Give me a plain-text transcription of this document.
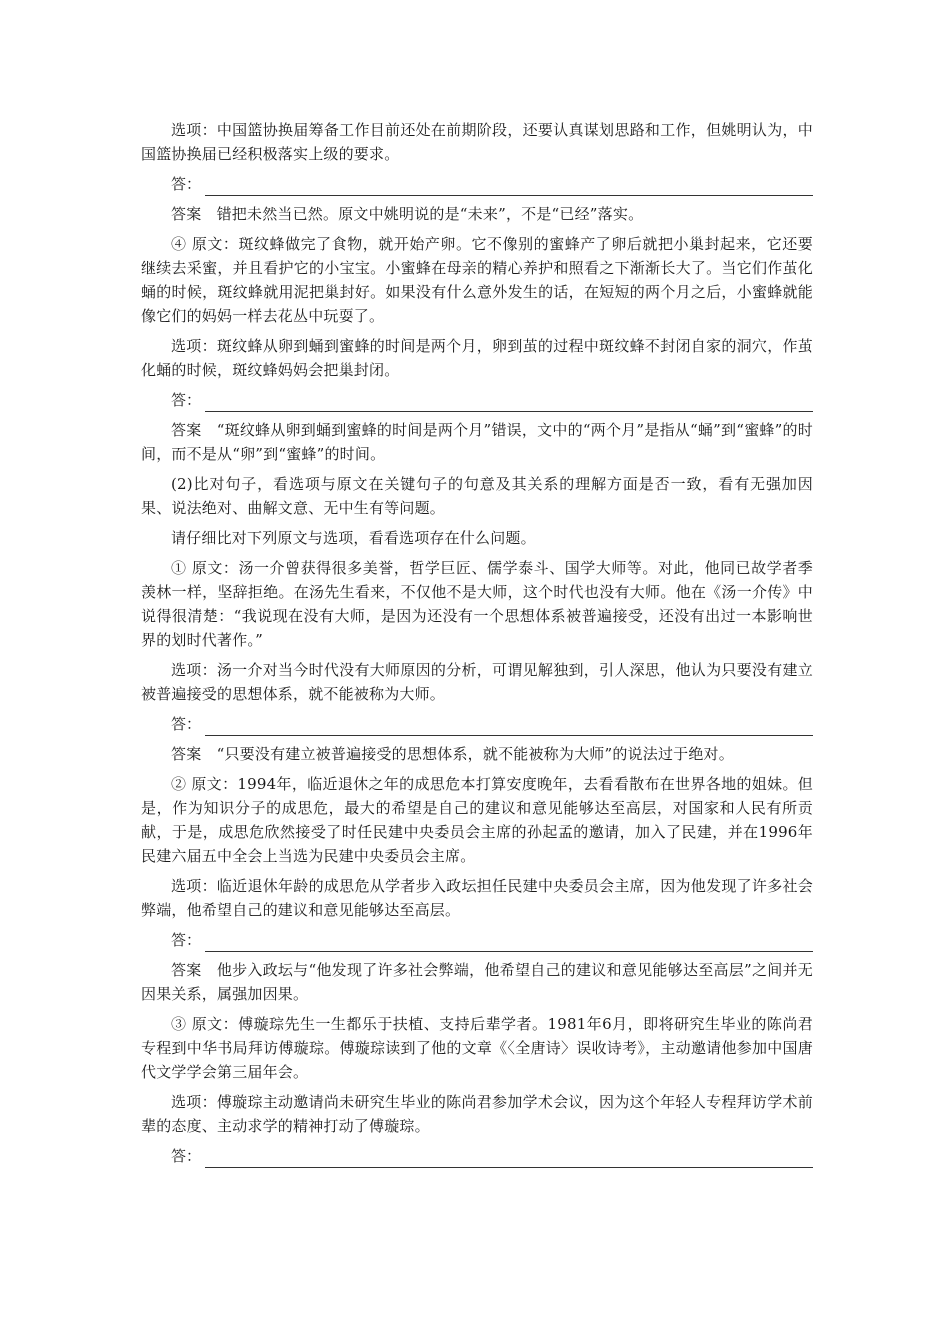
选项：中国篮协换届筹备工作目前还处在前期阶段，还要认真谋划思路和工作，但姚明认为，中国篮协换届已经积极落实上级的要求。

答：

答案　错把未然当已然。原文中姚明说的是“未来”，不是“已经”落实。

④ 原文：斑纹蜂做完了食物，就开始产卵。它不像别的蜜蜂产了卵后就把小巢封起来，它还要继续去采蜜，并且看护它的小宝宝。小蜜蜂在母亲的精心养护和照看之下渐渐长大了。当它们作茧化蛹的时候，斑纹蜂就用泥把巢封好。如果没有什么意外发生的话，在短短的两个月之后，小蜜蜂就能像它们的妈妈一样去花丛中玩耍了。

选项：斑纹蜂从卵到蛹到蜜蜂的时间是两个月，卵到茧的过程中斑纹蜂不封闭自家的洞穴，作茧化蛹的时候，斑纹蜂妈妈会把巢封闭。

答：

答案　“斑纹蜂从卵到蛹到蜜蜂的时间是两个月”错误，文中的“两个月”是指从“蛹”到“蜜蜂”的时间，而不是从“卵”到“蜜蜂”的时间。

(2)比对句子，看选项与原文在关键句子的句意及其关系的理解方面是否一致，看有无强加因果、说法绝对、曲解文意、无中生有等问题。

请仔细比对下列原文与选项，看看选项存在什么问题。

① 原文：汤一介曾获得很多美誉，哲学巨匠、儒学泰斗、国学大师等。对此，他同已故学者季羡林一样，坚辞拒绝。在汤先生看来，不仅他不是大师，这个时代也没有大师。他在《汤一介传》中说得很清楚：“我说现在没有大师，是因为还没有一个思想体系被普遍接受，还没有出过一本影响世界的划时代著作。”

选项：汤一介对当今时代没有大师原因的分析，可谓见解独到，引人深思，他认为只要没有建立被普遍接受的思想体系，就不能被称为大师。

答：

答案　“只要没有建立被普遍接受的思想体系，就不能被称为大师”的说法过于绝对。

② 原文：1994年，临近退休之年的成思危本打算安度晚年，去看看散布在世界各地的姐妹。但是，作为知识分子的成思危，最大的希望是自己的建议和意见能够达至高层，对国家和人民有所贡献，于是，成思危欣然接受了时任民建中央委员会主席的孙起孟的邀请，加入了民建，并在1996年民建六届五中全会上当选为民建中央委员会主席。

选项：临近退休年龄的成思危从学者步入政坛担任民建中央委员会主席，因为他发现了许多社会弊端，他希望自己的建议和意见能够达至高层。

答：

答案　他步入政坛与“他发现了许多社会弊端，他希望自己的建议和意见能够达至高层”之间并无因果关系，属强加因果。

③ 原文：傅璇琮先生一生都乐于扶植、支持后辈学者。1981年6月，即将研究生毕业的陈尚君专程到中华书局拜访傅璇琮。傅璇琮读到了他的文章《〈全唐诗〉误收诗考》，主动邀请他参加中国唐代文学学会第三届年会。

选项：傅璇琮主动邀请尚未研究生毕业的陈尚君参加学术会议，因为这个年轻人专程拜访学术前辈的态度、主动求学的精神打动了傅璇琮。

答：
